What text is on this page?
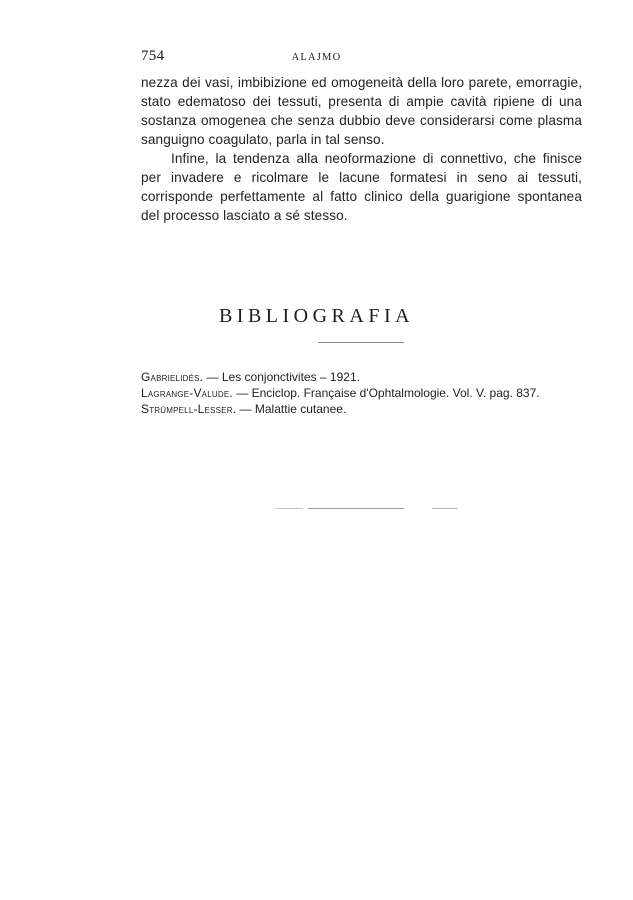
754	ALAJMO

nezza dei vasi, imbibizione ed omogeneità della loro parete, emorragie, stato edematoso dei tessuti, presenta di ampie cavità ripiene di una sostanza omogenea che senza dubbio deve considerarsi come plasma sanguigno coagulato, parla in tal senso.

Infine, la tendenza alla neoformazione di connettivo, che finisce per invadere e ricolmare le lacune formatesi in seno ai tessuti, corrisponde perfettamente al fatto clinico della guarigione spontanea del processo lasciato a sé stesso.

BIBLIOGRAFIA
Gabrielidès. — Les conjonctivites – 1921.
Lagrange-Valude. — Enciclop. Française d'Ophtalmologie. Vol. V. pag. 837.
Strümpell-Lesser. — Malattie cutanee.
